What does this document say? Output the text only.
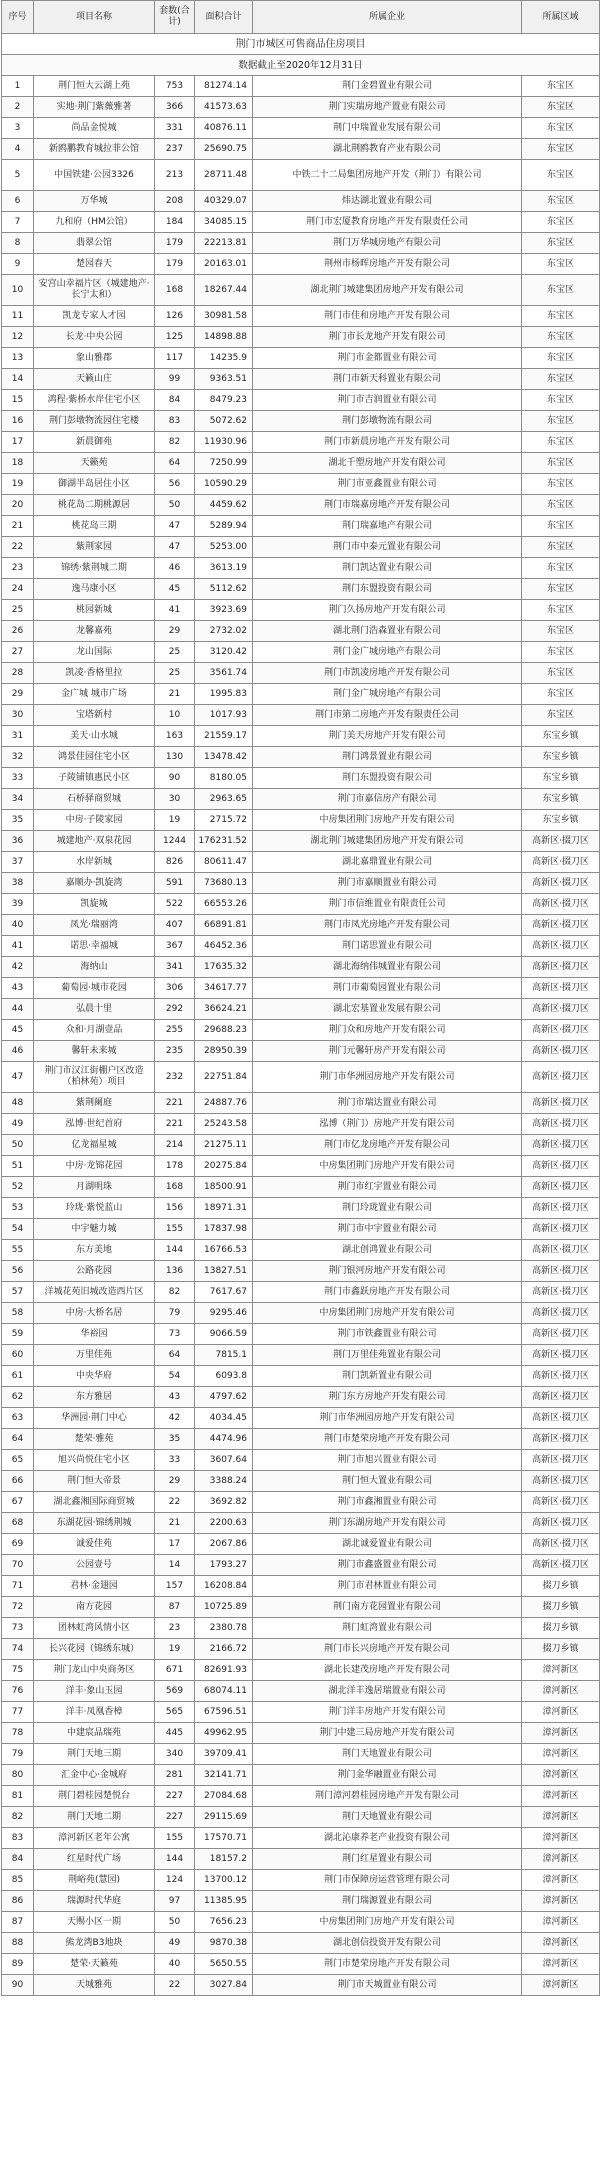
荆门市城区可售商品住房项目					
数据截止至2020年12月31日					
序号	项目名称	套数(合计)	面积合计	所属企业	所属区域
1	荆门恒大云湖上苑	753	81274.14	荆门金碧置业有限公司	东宝区
2	实地·荆门紫薇雅著	366	41573.63	荆门实瑞房地产置业有限公司	东宝区
3	尚品金悦城	331	40876.11	荆门中瑞置业发展有限公司	东宝区
4	新鸥鹏教育城拉菲公馆	237	25690.75	湖北荆鸥教育产业有限公司	东宝区
5	中国铁建·公园3326	213	28711.48	中铁二十二局集团房地产开发（荆门）有限公司	东宝区
6	万华城	208	40329.07	炜达湖北置业有限公司	东宝区
7	九和府（HM公馆）	184	34085.15	荆门市宏厦教育房地产开发有限责任公司	东宝区
8	翡翠公馆	179	22213.81	荆门万华城房地产有限公司	东宝区
9	楚园春天	179	20163.01	荆州市杨晖房地产开发有限公司	东宝区
10	安宫山幸福片区（城建地产·长宁太和）	168	18267.44	湖北荆门城建集团房地产开发有限公司	东宝区
11	凯龙专家人才园	126	30981.58	荆门市佳和房地产开发有限公司	东宝区
12	长龙·中央公园	125	14898.88	荆门市长龙地产开发有限公司	东宝区
13	象山雅郡	117	14235.9	荆门市金都置业有限公司	东宝区
14	天籁山庄	99	9363.51	荆门市新天科置业有限公司	东宝区
15	鸿程·紫桥水岸住宅小区	84	8479.23	荆门市吉润置业有限公司	东宝区
16	荆门彭墩物流园住宅楼	83	5072.62	荆门彭墩物流有限公司	东宝区
17	新晨御苑	82	11930.96	荆门市新晨房地产开发有限公司	东宝区
18	天籁苑	64	7250.99	湖北千塑房地产开发有限公司	东宝区
19	御湖半岛居住小区	56	10590.29	荆门市亚鑫置业有限公司	东宝区
20	桃花岛二期桃源居	50	4459.62	荆门市瑞嘉房地产开发有限公司	东宝区
21	桃花岛三期	47	5289.94	荆门瑞嘉地产有限公司	东宝区
22	紫荆家园	47	5253.00	荆门市中泰元置业有限公司	东宝区
23	锦绣·紫荆城二期	46	3613.19	荆门凯达置业有限公司	东宝区
24	逸马康小区	45	5112.62	荆门东盟投资有限公司	东宝区
25	桃园新城	41	3923.69	荆门久扬房地产开发有限公司	东宝区
26	龙馨嘉苑	29	2732.02	湖北荆门浩森置业有限公司	东宝区
27	龙山国际	25	3120.42	荆门金广城房地产有限公司	东宝区
28	凯凌·香格里拉	25	3561.74	荆门市凯凌房地产开发有限公司	东宝区
29	金广城 城市广场	21	1995.83	荆门金广城房地产有限公司	东宝区
30	宝塔新村	10	1017.93	荆门市第二房地产开发有限责任公司	东宝区
31	美天·山水城	163	21559.17	荆门美天房地产开发有限公司	东宝乡镇
32	鸿景佳园住宅小区	130	13478.42	荆门鸿景置业有限公司	东宝乡镇
33	子陵铺镇惠民小区	90	8180.05	荆门东盟投资有限公司	东宝乡镇
34	石桥驿商贸城	30	2963.65	荆门市嘉信房产有限公司	东宝乡镇
35	中房·子陵家园	19	2715.72	中房集团荆门房地产开发有限公司	东宝乡镇
36	城建地产·双泉花园	1244	176231.52	湖北荆门城建集团房地产开发有限公司	高新区·掇刀区
37	水岸新城	826	80611.47	湖北嘉鼎置业有限公司	高新区·掇刀区
38	嘉顺办·凯旋湾	591	73680.13	荆门市嘉顺置业有限公司	高新区·掇刀区
39	凯旋城	522	66553.26	荆门市信维置业有限责任公司	高新区·掇刀区
40	凤光·瑞丽湾	407	66891.81	荆门市凤光房地产开发有限公司	高新区·掇刀区
41	诺思·幸福城	367	46452.36	荆门诺思置业有限公司	高新区·掇刀区
42	海纳山	341	17635.32	湖北海纳伟城置业有限公司	高新区·掇刀区
43	葡萄园·城市花园	306	34617.77	荆门市葡萄园置业有限公司	高新区·掇刀区
44	弘晨十里	292	36624.21	湖北宏基置业发展有限公司	高新区·掇刀区
45	众和·月湖壹品	255	29688.23	荆门众和房地产开发有限公司	高新区·掇刀区
46	馨轩未来城	235	28950.39	荆门元馨轩房产开发有限公司	高新区·掇刀区
47	荆门市汉江街棚户区改造（柏林苑）项目	232	22751.84	荆门市华洲园房地产开发有限公司	高新区·掇刀区
48	紫荆阑庭	221	24887.76	荆门市瑞达置业有限公司	高新区·掇刀区
49	泓博·世纪首府	221	25243.58	泓博（荆门）房地产开发有限公司	高新区·掇刀区
50	亿龙福星城	214	21275.11	荆门市亿龙房地产开发有限公司	高新区·掇刀区
51	中房·龙锦花园	178	20275.84	中房集团荆门房地产开发有限公司	高新区·掇刀区
52	月湖明珠	168	18500.91	荆门市红宇置业有限公司	高新区·掇刀区
53	玲珑·紫悦蓝山	156	18971.31	荆门玲珑置业有限公司	高新区·掇刀区
54	中宇魅力城	155	17837.98	荆门市中宇置业有限公司	高新区·掇刀区
55	东方美地	144	16766.53	湖北创鸿置业有限公司	高新区·掇刀区
56	公路花园	136	13827.51	荆门银河房地产开发有限公司	高新区·掇刀区
57	洋城花苑旧城改造西片区	82	7617.67	荆门市鑫跃房地产开发有限公司	高新区·掇刀区
58	中房·大桥名居	79	9295.46	中房集团荆门房地产开发有限公司	高新区·掇刀区
59	华裕园	73	9066.59	荆门市铁鑫置业有限公司	高新区·掇刀区
60	万里佳苑	64	7815.1	荆门万里佳苑置业有限公司	高新区·掇刀区
61	中央华府	54	6093.8	荆门凯新置业有限公司	高新区·掇刀区
62	东方雅居	43	4797.62	荆门东方房地产开发有限公司	高新区·掇刀区
63	华洲园·荆门中心	42	4034.45	荆门市华洲园房地产开发有限公司	高新区·掇刀区
64	楚荣·雅苑	35	4474.96	荆门市楚荣房地产开发有限公司	高新区·掇刀区
65	旭兴尚悦住宅小区	33	3607.64	荆门市旭兴置业有限公司	高新区·掇刀区
66	荆门恒大帝景	29	3388.24	荆门恒大置业有限公司	高新区·掇刀区
67	湖北鑫湘国际商贸城	22	3692.82	荆门市鑫湘置业有限公司	高新区·掇刀区
68	东湖花园·锦绣荆城	21	2200.63	荆门东湖房地产开发有限公司	高新区·掇刀区
69	诚爱佳苑	17	2067.86	湖北诚爱置业有限公司	高新区·掇刀区
70	公园壹号	14	1793.27	荆门市鑫盛置业有限公司	高新区·掇刀区
71	君林·金翅园	157	16208.84	荆门市君林置业有限公司	掇刀乡镇
72	南方花园	87	10725.89	荆门南方花园置业有限公司	掇刀乡镇
73	团林虹湾风情小区	23	2380.78	荆门虹湾置业有限公司	掇刀乡镇
74	长兴花园（锦绣东城）	19	2166.72	荆门市长兴房地产开发有限公司	掇刀乡镇
75	荆门龙山中央商务区	671	82691.93	湖北长建茂房地产开发有限公司	漳河新区
76	洋丰·象山玉园	569	68074.11	湖北洋丰逸居瑞置业有限公司	漳河新区
77	洋丰·凤凰香樟	565	67596.51	荆门洋丰房地产开发有限公司	漳河新区
78	中建宸品瑞苑	445	49962.95	荆门中建三局房地产开发有限公司	漳河新区
79	荆门天地三期	340	39709.41	荆门天地置业有限公司	漳河新区
80	汇金中心·金城府	281	32141.71	荆门金华融置业有限公司	漳河新区
81	荆门碧桂园楚悦台	227	27084.68	荆门漳河碧桂园房地产开发有限公司	漳河新区
82	荆门天地二期	227	29115.69	荆门天地置业有限公司	漳河新区
83	漳河新区老年公寓	155	17570.71	湖北沁康养老产业投资有限公司	漳河新区
84	红星时代广场	144	18157.2	荆门红星置业有限公司	漳河新区
85	荆峪苑(慧园)	124	13700.12	荆门市保障房运营管理有限公司	漳河新区
86	瑞源时代华庭	97	11385.95	荆门瑞源置业有限公司	漳河新区
87	天赐小区一期	50	7656.23	中房集团荆门房地产开发有限公司	漳河新区
88	熊龙湾B3地块	49	9870.38	湖北创信投资开发有限公司	漳河新区
89	楚荣·天籁苑	40	5650.55	荆门市楚荣房地产开发有限公司	漳河新区
90	天城雅苑	22	3027.84	荆门市天城置业有限公司	漳河新区
